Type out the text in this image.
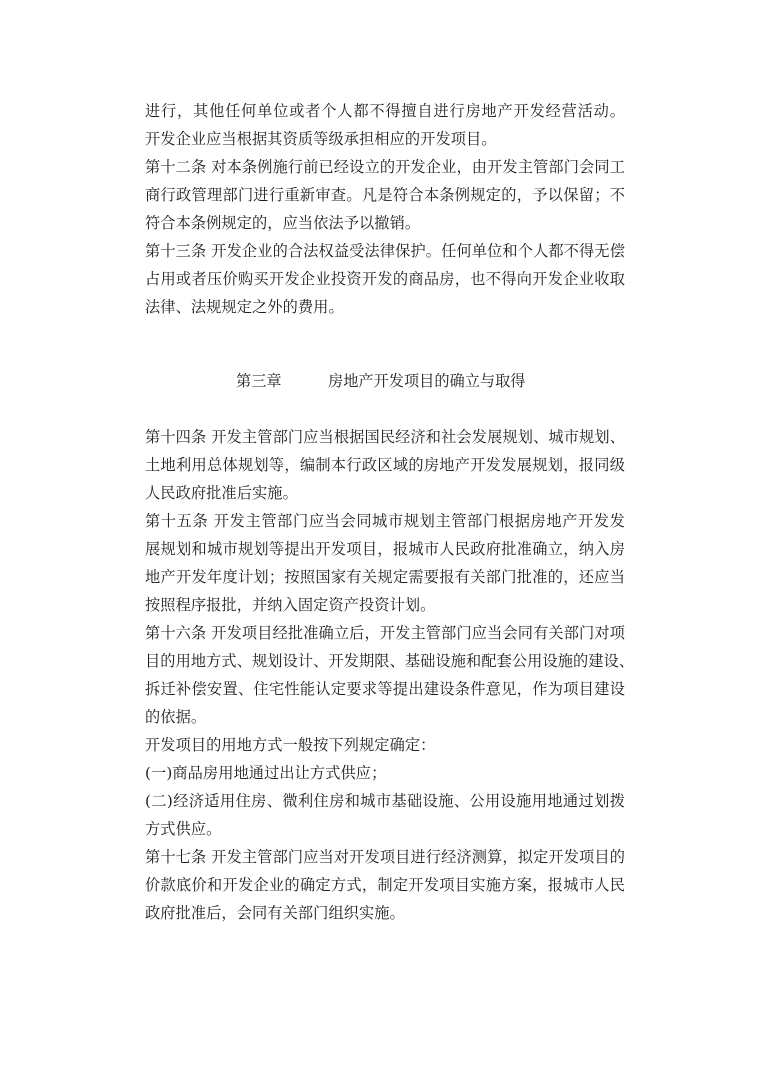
进行，其他任何单位或者个人都不得擅自进行房地产开发经营活动。
开发企业应当根据其资质等级承担相应的开发项目。
第十二条 对本条例施行前已经设立的开发企业，由开发主管部门会同工
商行政管理部门进行重新审查。凡是符合本条例规定的，予以保留；不
符合本条例规定的，应当依法予以撤销。
第十三条 开发企业的合法权益受法律保护。任何单位和个人都不得无偿
占用或者压价购买开发企业投资开发的商品房，也不得向开发企业收取
法律、法规规定之外的费用。
第三章	房地产开发项目的确立与取得
第十四条 开发主管部门应当根据国民经济和社会发展规划、城市规划、
土地利用总体规划等，编制本行政区域的房地产开发发展规划，报同级
人民政府批准后实施。
第十五条 开发主管部门应当会同城市规划主管部门根据房地产开发发
展规划和城市规划等提出开发项目，报城市人民政府批准确立，纳入房
地产开发年度计划；按照国家有关规定需要报有关部门批准的，还应当
按照程序报批，并纳入固定资产投资计划。
第十六条 开发项目经批准确立后，开发主管部门应当会同有关部门对项
目的用地方式、规划设计、开发期限、基础设施和配套公用设施的建设、
拆迁补偿安置、住宅性能认定要求等提出建设条件意见，作为项目建设
的依据。
开发项目的用地方式一般按下列规定确定：
(一)商品房用地通过出让方式供应；
(二)经济适用住房、微利住房和城市基础设施、公用设施用地通过划拨
方式供应。
第十七条 开发主管部门应当对开发项目进行经济测算，拟定开发项目的
价款底价和开发企业的确定方式，制定开发项目实施方案，报城市人民
政府批准后，会同有关部门组织实施。
